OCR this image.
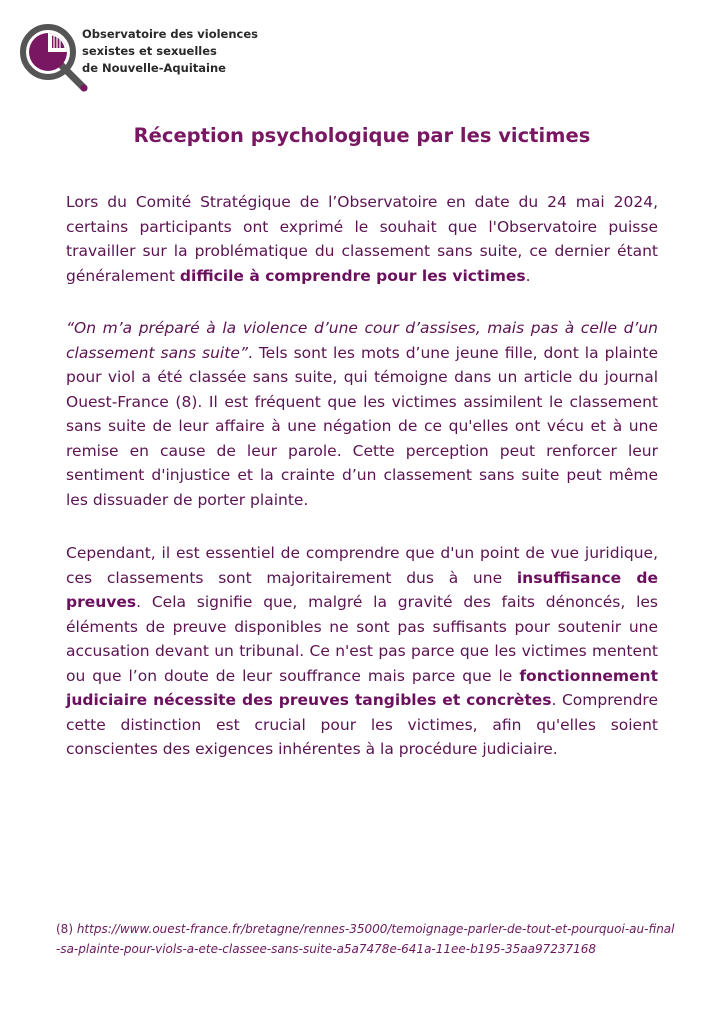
Observatoire des violences
sexistes et sexuelles
de Nouvelle-Aquitaine

Réception psychologique par les victimes

Lors du Comité Stratégique de l’Observatoire en date du 24 mai 2024, certains participants ont exprimé le souhait que l'Observatoire puisse travailler sur la problématique du classement sans suite, ce dernier étant généralement difficile à comprendre pour les victimes.

“On m’a préparé à la violence d’une cour d’assises, mais pas à celle d’un classement sans suite”. Tels sont les mots d’une jeune fille, dont la plainte pour viol a été classée sans suite, qui témoigne dans un article du journal Ouest-France (8). Il est fréquent que les victimes assimilent le classement sans suite de leur affaire à une négation de ce qu'elles ont vécu et à une remise en cause de leur parole. Cette perception peut renforcer leur sentiment d'injustice et la crainte d’un classement sans suite peut même les dissuader de porter plainte.

Cependant, il est essentiel de comprendre que d'un point de vue juridique, ces classements sont majoritairement dus à une insuffisance de preuves. Cela signifie que, malgré la gravité des faits dénoncés, les éléments de preuve disponibles ne sont pas suffisants pour soutenir une accusation devant un tribunal. Ce n'est pas parce que les victimes mentent ou que l’on doute de leur souffrance mais parce que le fonctionnement judiciaire nécessite des preuves tangibles et concrètes. Comprendre cette distinction est crucial pour les victimes, afin qu'elles soient conscientes des exigences inhérentes à la procédure judiciaire.

(8) https://www.ouest-france.fr/bretagne/rennes-35000/temoignage-parler-de-tout-et-pourquoi-au-final-sa-plainte-pour-viols-a-ete-classee-sans-suite-a5a7478e-641a-11ee-b195-35aa97237168
